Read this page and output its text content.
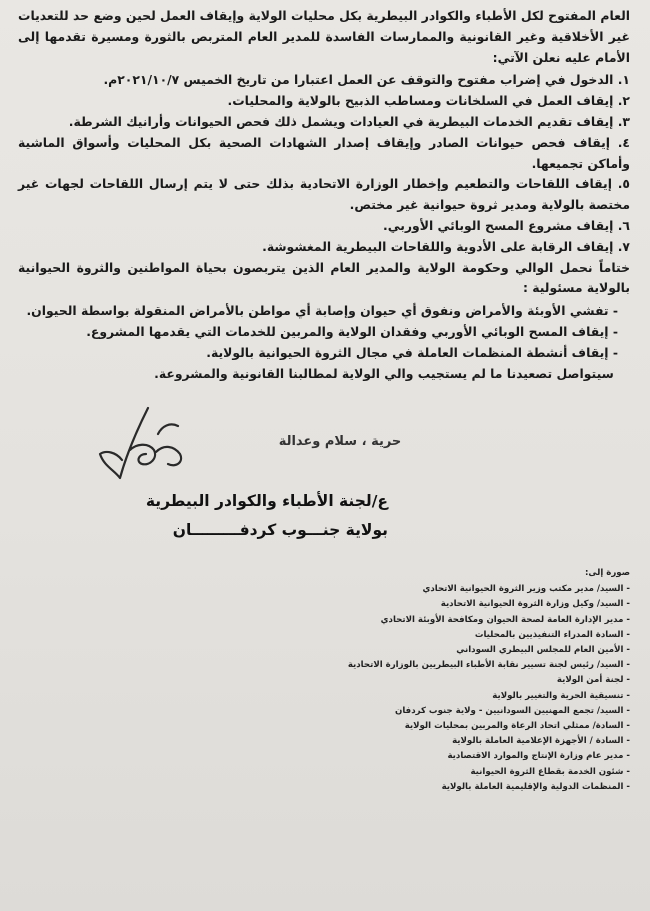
العام المفتوح لكل الأطباء والكوادر البيطرية بكل محليات الولاية وإيقاف العمل لحين وضع حد للتعديات غير الأخلاقية وغير القانونية والممارسات الفاسدة للمدير العام المتربص بالثورة ومسيرة تقدمها إلى الأمام عليه نعلن الآتي:

١. الدخول في إضراب مفتوح والتوقف عن العمل اعتبارا من تاريخ الخميس ٢٠٢١/١٠/٧م.
٢. إيقاف العمل في السلخانات ومساطب الذبيح بالولاية والمحليات.
٣. إيقاف تقديم الخدمات البيطرية في العيادات ويشمل ذلك فحص الحيوانات وأرانيك الشرطة.
٤. إيقاف فحص حيوانات الصادر وإيقاف إصدار الشهادات الصحية بكل المحليات وأسواق الماشية وأماكن تجميعها.
٥. إيقاف اللقاحات والتطعيم وإخطار الوزارة الاتحادية بذلك حتى لا يتم إرسال اللقاحات لجهات غير مختصة بالولاية ومدير ثروة حيوانية غير مختص.
٦. إيقاف مشروع المسح الوبائي الأوربي.
٧. إيقاف الرقابة على الأدوية واللقاحات البيطرية المغشوشة.

ختاماً نحمل الوالي وحكومة الولاية والمدير العام الذين يتربصون بحياة المواطنين والثروة الحيوانية بالولاية مسئولية :

- تفشي الأوبئة والأمراض ونفوق أي حيوان وإصابة أي مواطن بالأمراض المنقولة بواسطة الحيوان.
- إيقاف المسح الوبائي الأوربي وفقدان الولاية والمربين للخدمات التي يقدمها المشروع.
- إيقاف أنشطة المنظمات العاملة في مجال الثروة الحيوانية بالولاية.

سيتواصل تصعيدنا ما لم يستجيب والي الولاية لمطالبنا القانونية والمشروعة.

حرية ، سلام وعدالة
ع/لجنة الأطباء والكوادر البيطرية
بولاية جنـــوب كردفـــــــــان
صورة إلى:
- السيد/ مدير مكتب وزير الثروة الحيوانية الاتحادي
- السيد/ وكيل وزارة الثروة الحيوانية الاتحادية
- مدير الإدارة العامة لصحة الحيوان ومكافحة الأوبئة الاتحادي
- السادة المدراء التنفيذيين بالمحليات
- الأمين العام للمجلس البيطري السوداني
- السيد/ رئيس لجنة تسيير نقابة الأطباء البيطريين بالوزارة الاتحادية
- لجنة أمن الولاية
- تنسيقية الحرية والتغيير بالولاية
- السيد/ تجمع المهنيين السودانيين - ولاية جنوب كردفان
- السادة/ ممثلي اتحاد الرعاة والمربين بمحليات الولاية
- السادة / الأجهزة الإعلامية العاملة بالولاية
- مدير عام وزارة الإنتاج والموارد الاقتصادية
- شئون الخدمة بقطاع الثروة الحيوانية
- المنظمات الدولية والإقليمية العاملة بالولاية
